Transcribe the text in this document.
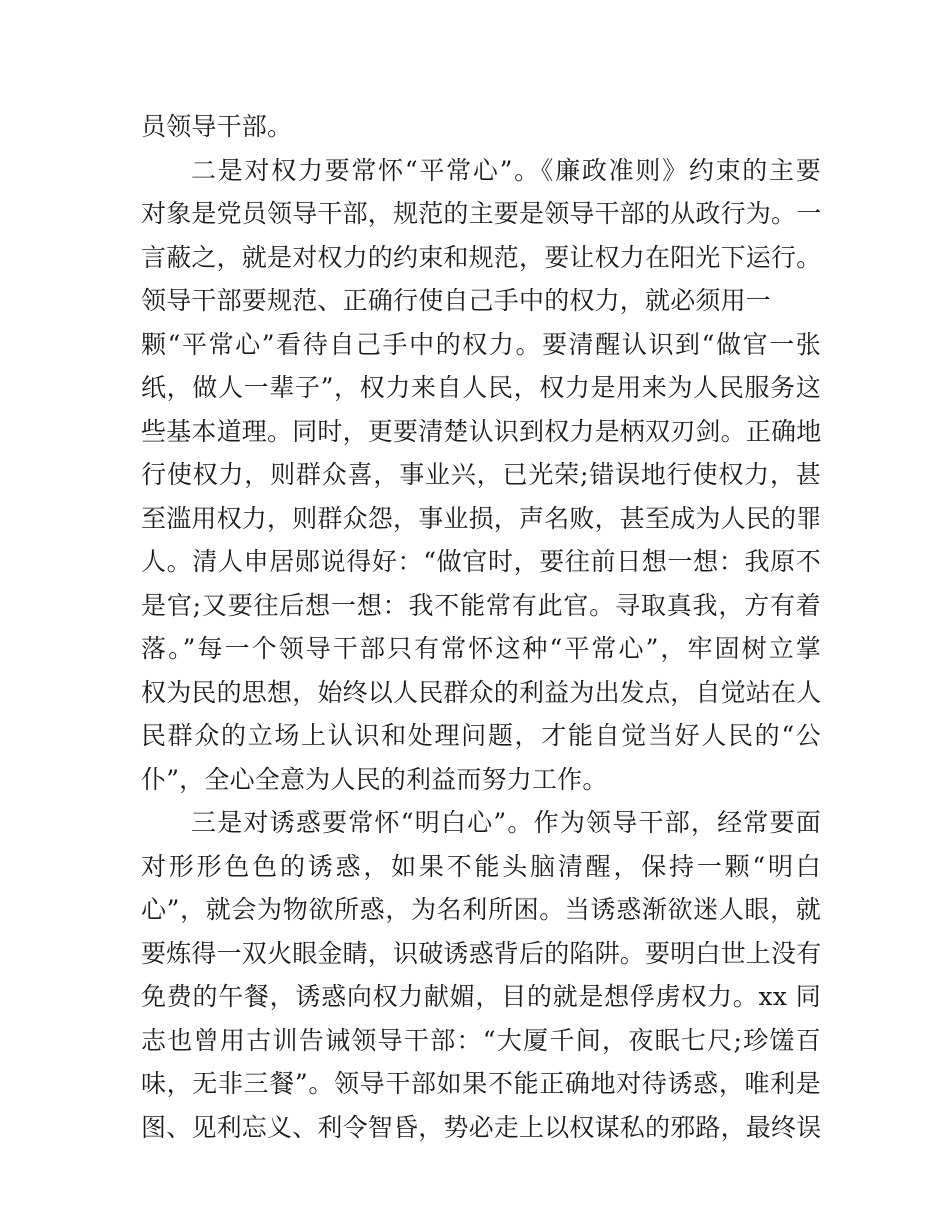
员领导干部。
二是对权力要常怀“平常心”。《廉政准则》约束的主要
对象是党员领导干部，规范的主要是领导干部的从政行为。一
言蔽之，就是对权力的约束和规范，要让权力在阳光下运行。
领导干部要规范、正确行使自己手中的权力，就必须用一
颗“平常心”看待自己手中的权力。要清醒认识到“做官一张
纸，做人一辈子”，权力来自人民，权力是用来为人民服务这
些基本道理。同时，更要清楚认识到权力是柄双刃剑。正确地
行使权力，则群众喜，事业兴，已光荣;错误地行使权力，甚
至滥用权力，则群众怨，事业损，声名败，甚至成为人民的罪
人。清人申居郧说得好：“做官时，要往前日想一想：我原不
是官;又要往后想一想：我不能常有此官。寻取真我，方有着
落。”每一个领导干部只有常怀这种“平常心”，牢固树立掌
权为民的思想，始终以人民群众的利益为出发点，自觉站在人
民群众的立场上认识和处理问题，才能自觉当好人民的“公
仆”，全心全意为人民的利益而努力工作。
三是对诱惑要常怀“明白心”。作为领导干部，经常要面
对形形色色的诱惑，如果不能头脑清醒，保持一颗“明白
心”，就会为物欲所惑，为名利所困。当诱惑渐欲迷人眼，就
要炼得一双火眼金睛，识破诱惑背后的陷阱。要明白世上没有
免费的午餐，诱惑向权力献媚，目的就是想俘虏权力。xx 同
志也曾用古训告诫领导干部：“大厦千间，夜眠七尺;珍馐百
味，无非三餐”。领导干部如果不能正确地对待诱惑，唯利是
图、见利忘义、利令智昏，势必走上以权谋私的邪路，最终误
